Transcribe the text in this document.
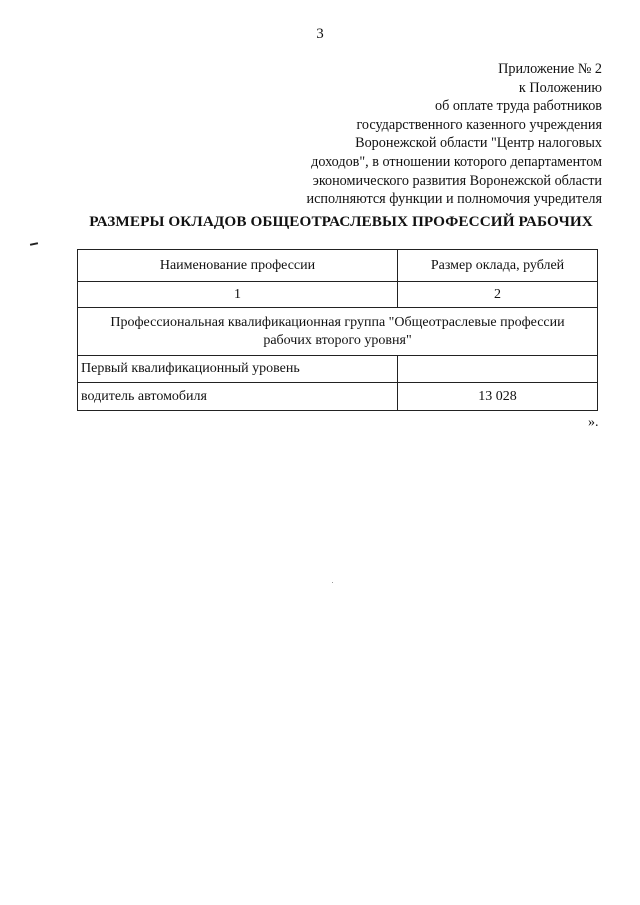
3
Приложение № 2
к Положению
об оплате труда работников
государственного казенного учреждения
Воронежской области "Центр налоговых
доходов", в отношении которого департаментом
экономического развития Воронежской области
исполняются функции и полномочия учредителя
РАЗМЕРЫ ОКЛАДОВ ОБЩЕОТРАСЛЕВЫХ ПРОФЕССИЙ РАБОЧИХ
Наименование профессии	Размер оклада, рублей
1	2

Профессиональная квалификационная группа "Общеотраслевые профессии
рабочих второго уровня"	

Первый квалификационный уровень	
водитель автомобиля	13 028
».
